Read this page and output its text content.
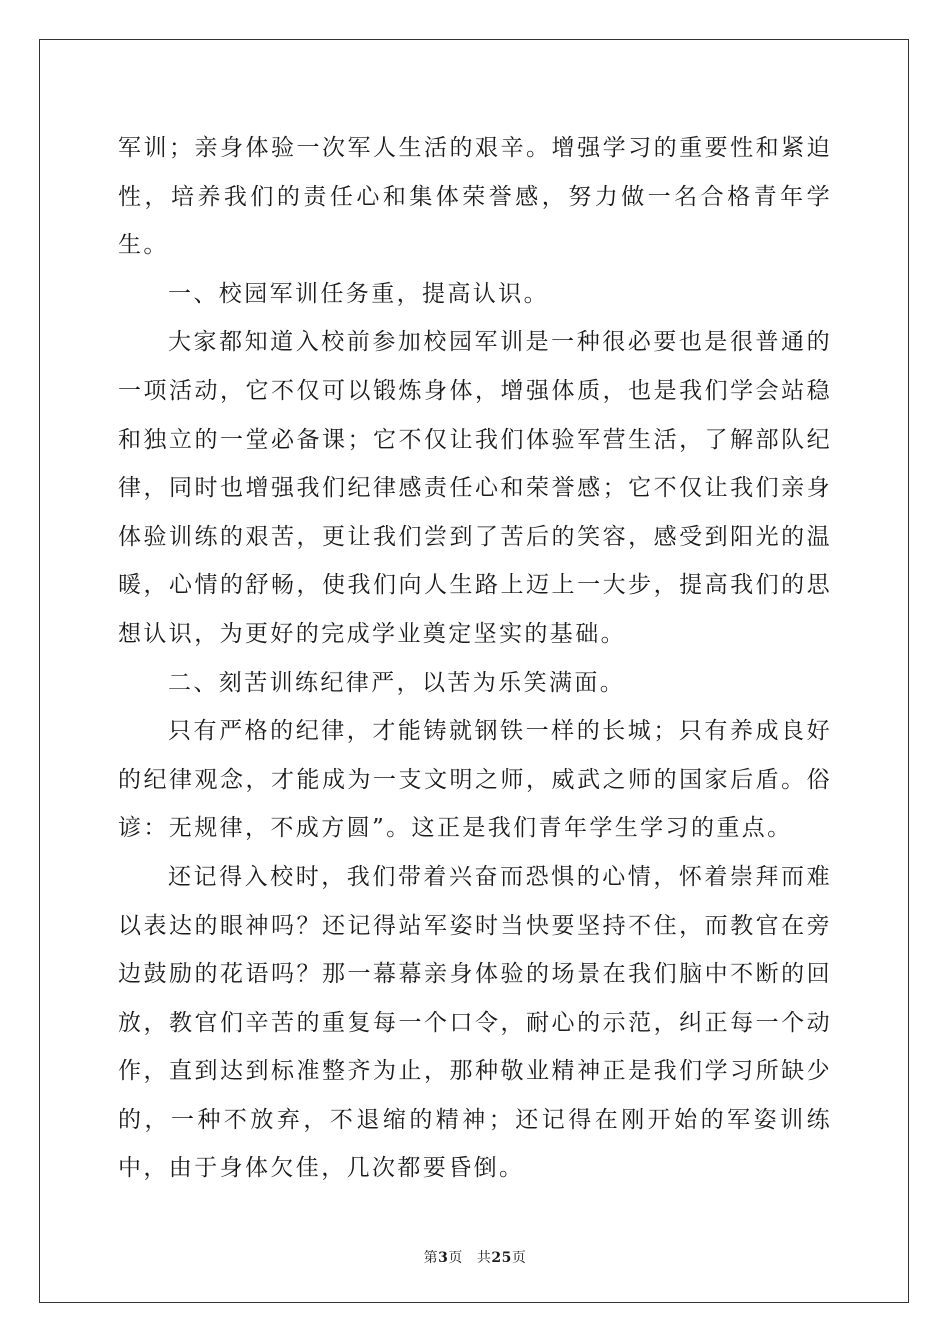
军训；亲身体验一次军人生活的艰辛。增强学习的重要性和紧迫性，培养我们的责任心和集体荣誉感，努力做一名合格青年学生。

一、校园军训任务重，提高认识。

大家都知道入校前参加校园军训是一种很必要也是很普通的一项活动，它不仅可以锻炼身体，增强体质，也是我们学会站稳和独立的一堂必备课；它不仅让我们体验军营生活，了解部队纪律，同时也增强我们纪律感责任心和荣誉感；它不仅让我们亲身体验训练的艰苦，更让我们尝到了苦后的笑容，感受到阳光的温暖，心情的舒畅，使我们向人生路上迈上一大步，提高我们的思想认识，为更好的完成学业奠定坚实的基础。

二、刻苦训练纪律严，以苦为乐笑满面。

只有严格的纪律，才能铸就钢铁一样的长城；只有养成良好的纪律观念，才能成为一支文明之师，威武之师的国家后盾。俗谚：无规律，不成方圆”。这正是我们青年学生学习的重点。

还记得入校时，我们带着兴奋而恐惧的心情，怀着崇拜而难以表达的眼神吗？还记得站军姿时当快要坚持不住，而教官在旁边鼓励的花语吗？那一幕幕亲身体验的场景在我们脑中不断的回放，教官们辛苦的重复每一个口令，耐心的示范，纠正每一个动作，直到达到标准整齐为止，那种敬业精神正是我们学习所缺少的，一种不放弃，不退缩的精神；还记得在刚开始的军姿训练中，由于身体欠佳，几次都要昏倒。

第3页 共25页
